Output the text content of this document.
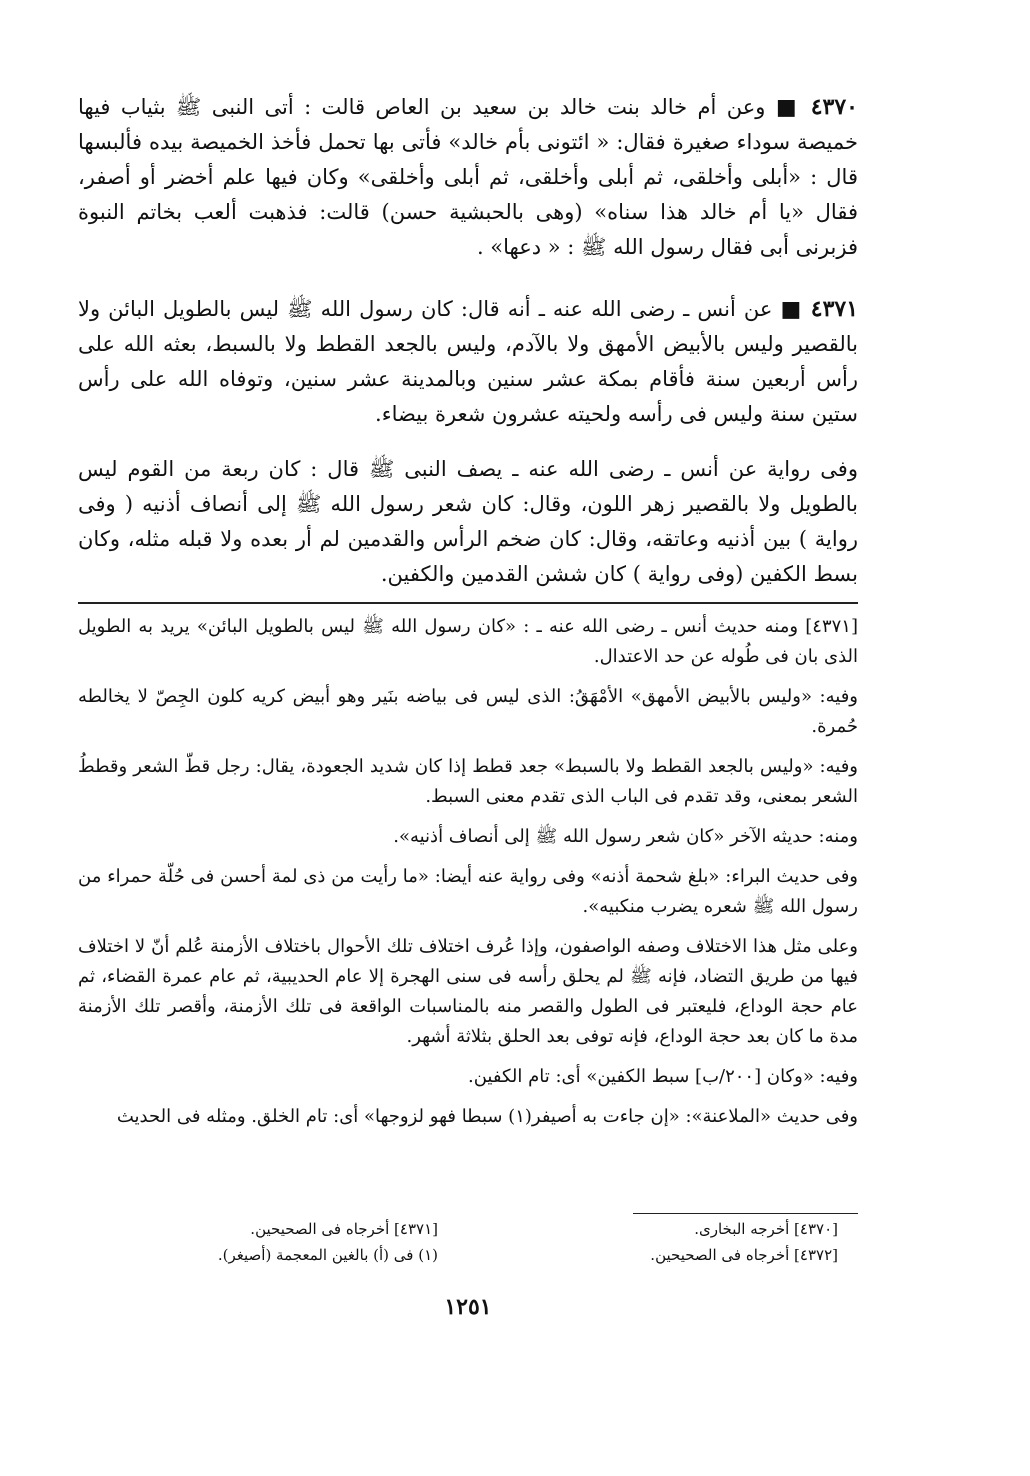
٤٣٧٠ ■ وعن أم خالد بنت خالد بن سعيد بن العاص قالت : أتى النبى ﷺ بثياب فيها خميصة سوداء صغيرة فقال: « ائتونى بأم خالد» فأتى بها تحمل فأخذ الخميصة بيده فألبسها قال : «أبلى وأخلقى، ثم أبلى وأخلقى، ثم أبلى وأخلقى» وكان فيها علم أخضر أو أصفر، فقال «يا أم خالد هذا سناه» (وهى بالحبشية حسن) قالت: فذهبت ألعب بخاتم النبوة فزبرنى أبى فقال رسول الله ﷺ : « دعها» .

٤٣٧١ ■ عن أنس ـ رضى الله عنه ـ أنه قال: كان رسول الله ﷺ ليس بالطويل البائن ولا بالقصير وليس بالأبيض الأمهق ولا بالآدم، وليس بالجعد القطط ولا بالسبط، بعثه الله على رأس أربعين سنة فأقام بمكة عشر سنين وبالمدينة عشر سنين، وتوفاه الله على رأس ستين سنة وليس فى رأسه ولحيته عشرون شعرة بيضاء.

وفى رواية عن أنس ـ رضى الله عنه ـ يصف النبى ﷺ قال : كان ربعة من القوم ليس بالطويل ولا بالقصير زهر اللون، وقال: كان شعر رسول الله ﷺ إلى أنصاف أذنيه ( وفى رواية ) بين أذنيه وعاتقه، وقال: كان ضخم الرأس والقدمين لم أر بعده ولا قبله مثله، وكان بسط الكفين (وفى رواية ) كان ششن القدمين والكفين.

[٤٣٧١] ومنه حديث أنس ـ رضى الله عنه ـ : «كان رسول الله ﷺ ليس بالطويل البائن» يريد به الطويل الذى بان فى طُوله عن حد الاعتدال.

وفيه: «وليس بالأبيض الأمهق» الأمْهَقُ: الذى ليس فى بياضه بنَير وهو أبيض كريه كلون الجِصّ لا يخالطه حُمرة.

وفيه: «وليس بالجعد القطط ولا بالسبط» جعد قطط إذا كان شديد الجعودة، يقال: رجل قطّ الشعر وقططُ الشعر بمعنى، وقد تقدم فى الباب الذى تقدم معنى السبط.

ومنه: حديثه الآخر «كان شعر رسول الله ﷺ إلى أنصاف أذنيه».

وفى حديث البراء: «بلغ شحمة أذنه» وفى رواية عنه أيضا: «ما رأيت من ذى لمة أحسن فى حُلّة حمراء من رسول الله ﷺ شعره يضرب منكبيه».

وعلى مثل هذا الاختلاف وصفه الواصفون، وإذا عُرف اختلاف تلك الأحوال باختلاف الأزمنة عُلم أنّ لا اختلاف فيها من طريق التضاد، فإنه ﷺ لم يحلق رأسه فى سنى الهجرة إلا عام الحديبية، ثم عام عمرة القضاء، ثم عام حجة الوداع، فليعتبر فى الطول والقصر منه بالمناسبات الواقعة فى تلك الأزمنة، وأقصر تلك الأزمنة مدة ما كان بعد حجة الوداع، فإنه توفى بعد الحلق بثلاثة أشهر.

وفيه: «وكان [٢٠٠/ب] سبط الكفين» أى: تام الكفين.

وفى حديث «الملاعنة»: «إن جاءت به أصيفر(١) سبطا فهو لزوجها» أى: تام الخلق. ومثله فى الحديث

[٤٣٧٠] أخرجه البخارى.
[٤٣٧٢] أخرجاه فى الصحيحين.
[٤٣٧١] أخرجاه فى الصحيحين.
(١) فى (أ) بالغين المعجمة (أصيغر).
١٢٥١
